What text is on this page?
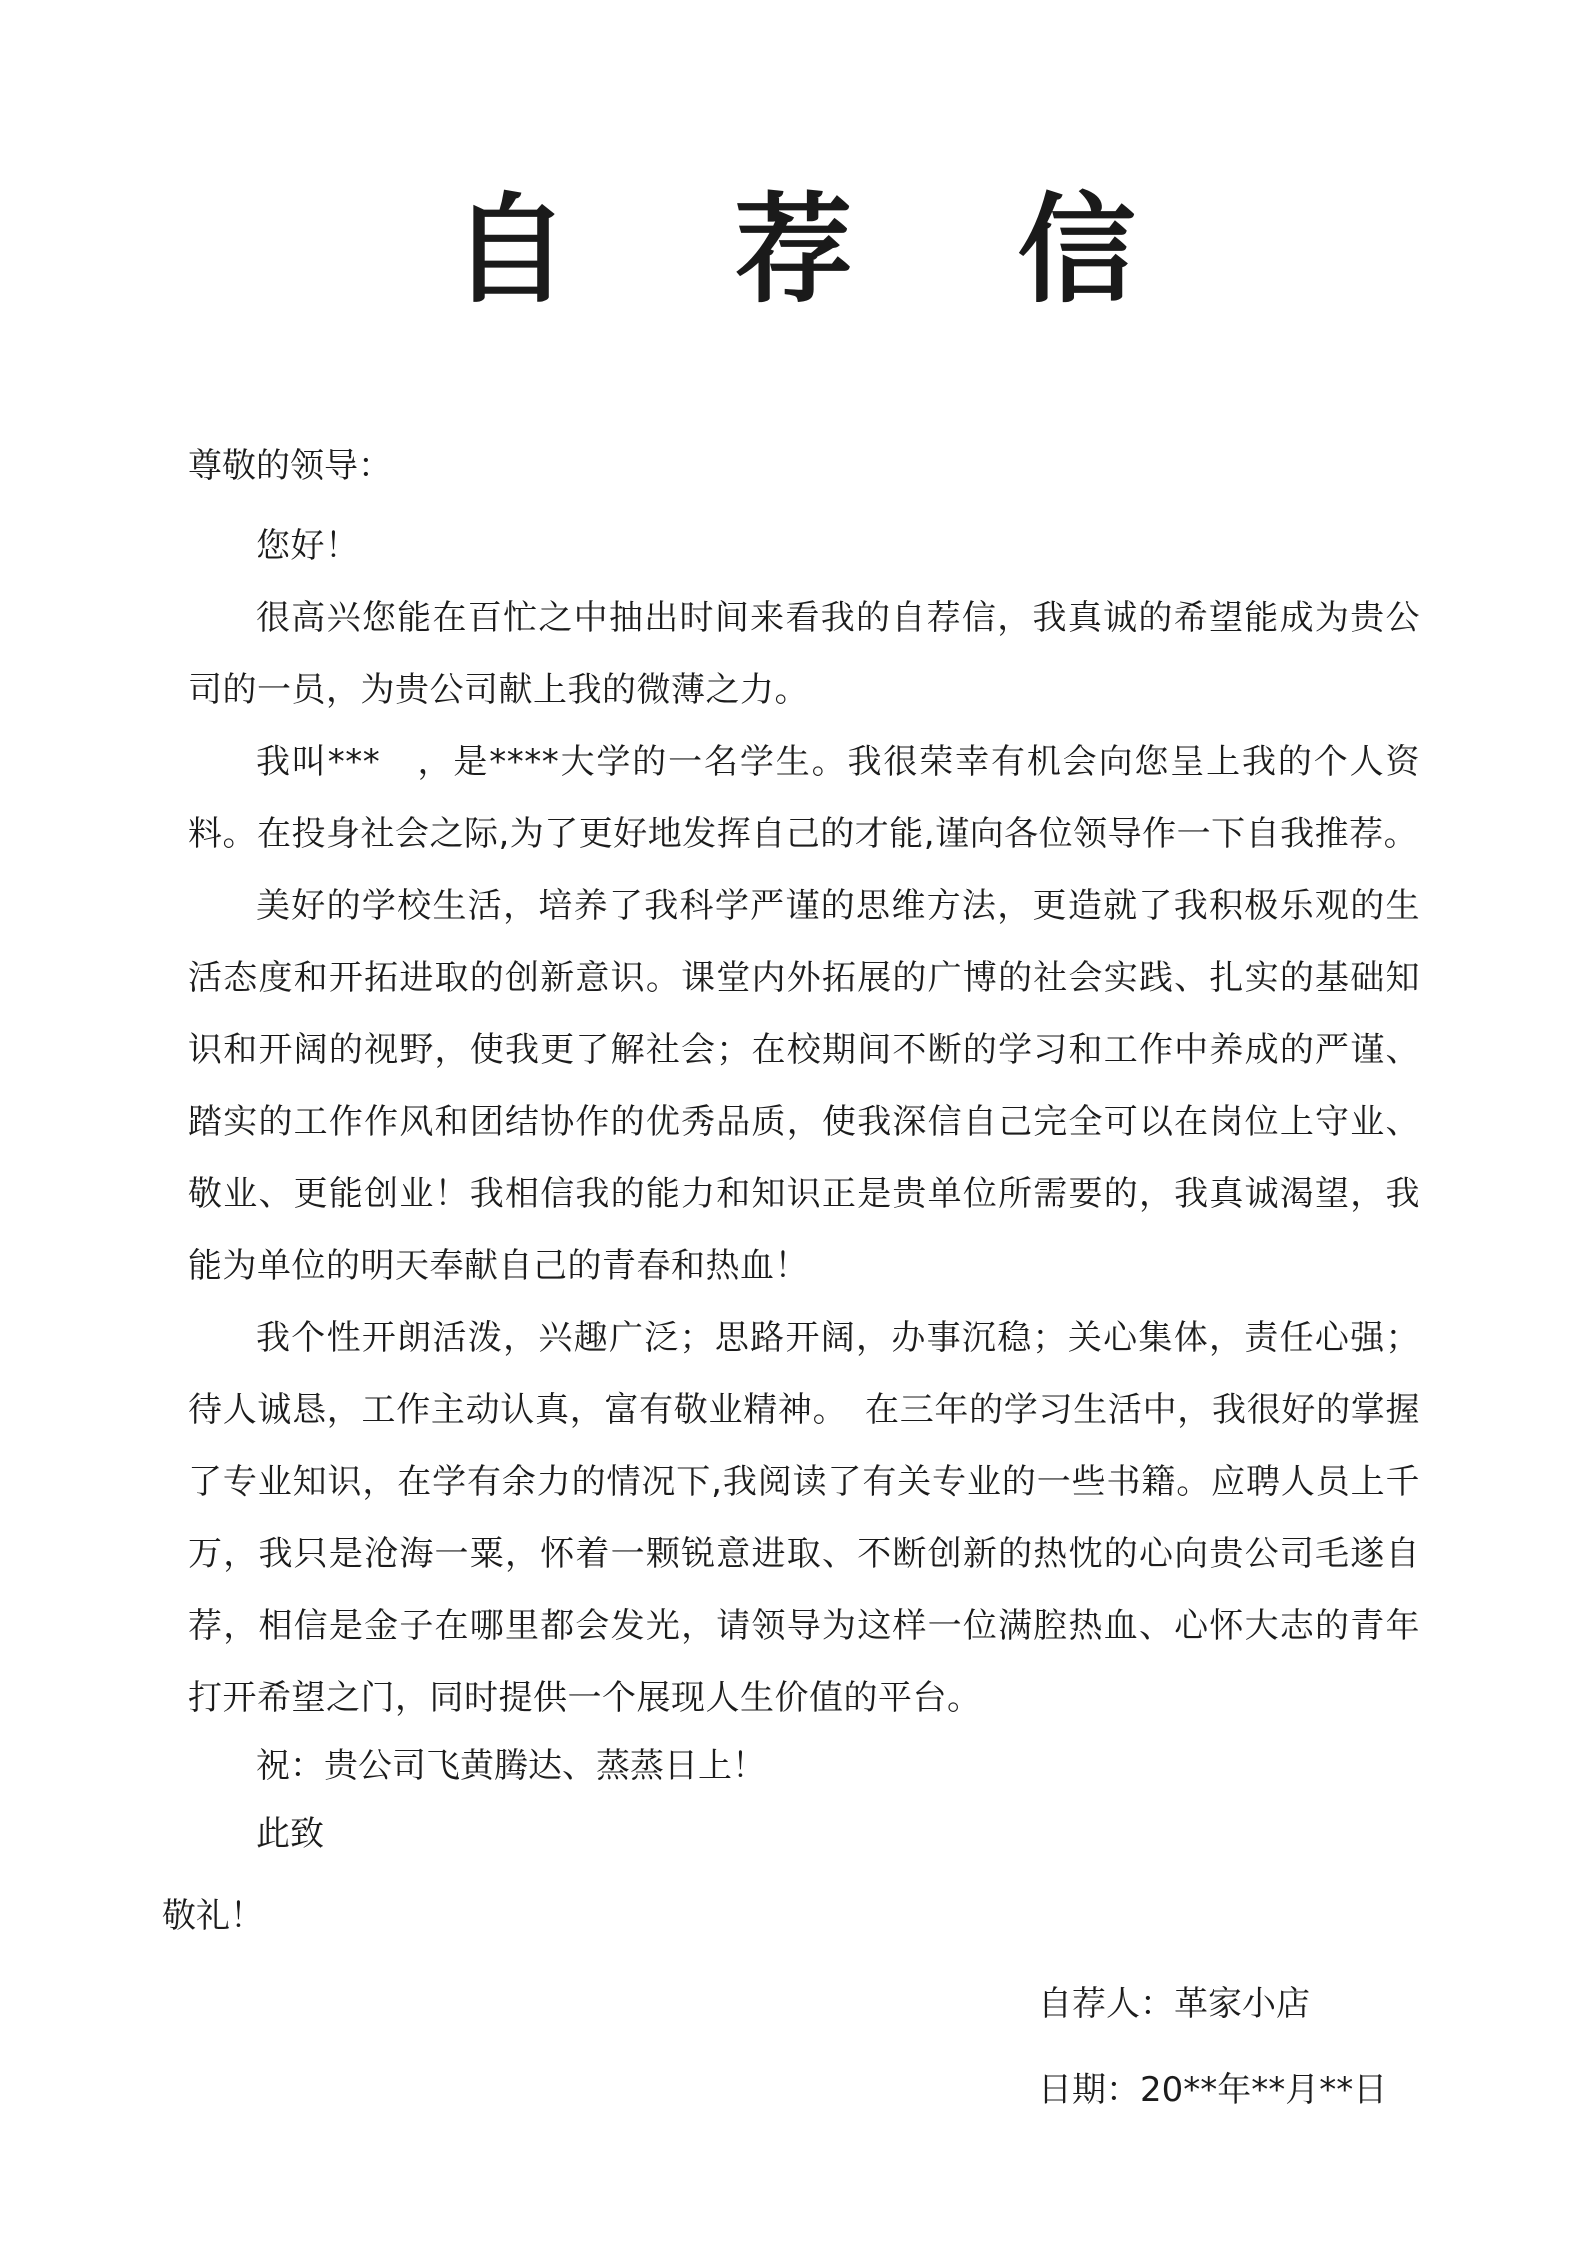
自 荐 信
尊敬的领导：

您好！

很高兴您能在百忙之中抽出时间来看我的自荐信，我真诚的希望能成为贵公司的一员，为贵公司献上我的微薄之力。

我叫***　，是****大学的一名学生。我很荣幸有机会向您呈上我的个人资料。在投身社会之际,为了更好地发挥自己的才能,谨向各位领导作一下自我推荐。

美好的学校生活，培养了我科学严谨的思维方法，更造就了我积极乐观的生活态度和开拓进取的创新意识。课堂内外拓展的广博的社会实践、扎实的基础知识和开阔的视野，使我更了解社会；在校期间不断的学习和工作中养成的严谨、踏实的工作作风和团结协作的优秀品质，使我深信自己完全可以在岗位上守业、敬业、更能创业！我相信我的能力和知识正是贵单位所需要的，我真诚渴望，我能为单位的明天奉献自己的青春和热血！

我个性开朗活泼，兴趣广泛；思路开阔，办事沉稳；关心集体，责任心强；待人诚恳，工作主动认真，富有敬业精神。　在三年的学习生活中，我很好的掌握了专业知识，在学有余力的情况下,我阅读了有关专业的一些书籍。应聘人员上千万，我只是沧海一粟，怀着一颗锐意进取、不断创新的热忱的心向贵公司毛遂自荐，相信是金子在哪里都会发光，请领导为这样一位满腔热血、心怀大志的青年打开希望之门，同时提供一个展现人生价值的平台。

祝：贵公司飞黄腾达、蒸蒸日上！
此致
敬礼！
自荐人：革家小店
日期：20**年**月**日
